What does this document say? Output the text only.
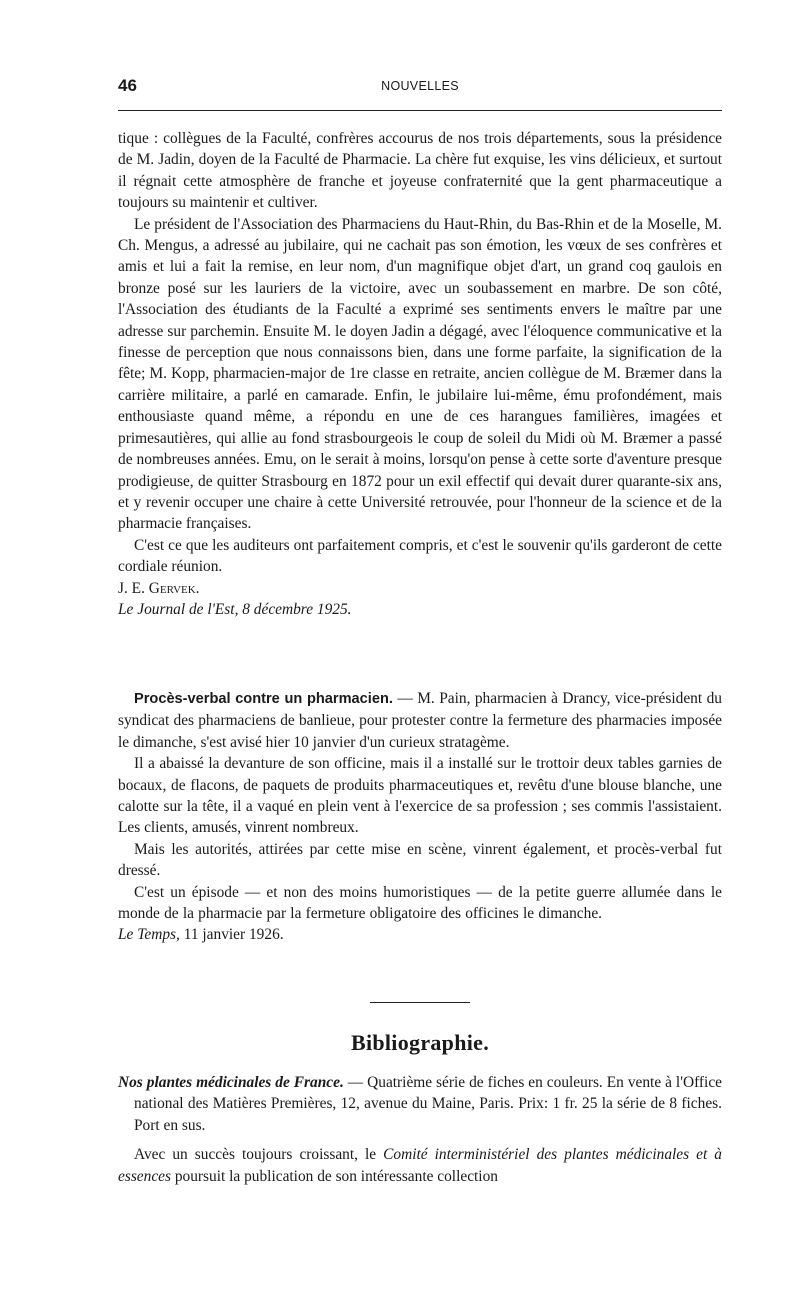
46	NOUVELLES

tique : collègues de la Faculté, confrères accourus de nos trois départements, sous la présidence de M. Jadin, doyen de la Faculté de Pharmacie. La chère fut exquise, les vins délicieux, et surtout il régnait cette atmosphère de franche et joyeuse confraternité que la gent pharmaceutique a toujours su maintenir et cultiver.

Le président de l'Association des Pharmaciens du Haut-Rhin, du Bas-Rhin et de la Moselle, M. Ch. Mengus, a adressé au jubilaire, qui ne cachait pas son émotion, les vœux de ses confrères et amis et lui a fait la remise, en leur nom, d'un magnifique objet d'art, un grand coq gaulois en bronze posé sur les lauriers de la victoire, avec un soubassement en marbre. De son côté, l'Association des étudiants de la Faculté a exprimé ses sentiments envers le maître par une adresse sur parchemin. Ensuite M. le doyen Jadin a dégagé, avec l'éloquence communicative et la finesse de perception que nous connaissons bien, dans une forme parfaite, la signification de la fête; M. Kopp, pharmacien-major de 1re classe en retraite, ancien collègue de M. Bræmer dans la carrière militaire, a parlé en camarade. Enfin, le jubilaire lui-même, ému profondément, mais enthousiaste quand même, a répondu en une de ces harangues familières, imagées et primesautières, qui allie au fond strasbourgeois le coup de soleil du Midi où M. Bræmer a passé de nombreuses années. Emu, on le serait à moins, lorsqu'on pense à cette sorte d'aventure presque prodigieuse, de quitter Strasbourg en 1872 pour un exil effectif qui devait durer quarante-six ans, et y revenir occuper une chaire à cette Université retrouvée, pour l'honneur de la science et de la pharmacie françaises.

C'est ce que les auditeurs ont parfaitement compris, et c'est le souvenir qu'ils garderont de cette cordiale réunion.

J. E. Gervek.

Le Journal de l'Est, 8 décembre 1925.

Procès-verbal contre un pharmacien. — M. Pain, pharmacien à Drancy, vice-président du syndicat des pharmaciens de banlieue, pour protester contre la fermeture des pharmacies imposée le dimanche, s'est avisé hier 10 janvier d'un curieux stratagème.

Il a abaissé la devanture de son officine, mais il a installé sur le trottoir deux tables garnies de bocaux, de flacons, de paquets de produits pharmaceutiques et, revêtu d'une blouse blanche, une calotte sur la tête, il a vaqué en plein vent à l'exercice de sa profession ; ses commis l'assistaient. Les clients, amusés, vinrent nombreux.

Mais les autorités, attirées par cette mise en scène, vinrent également, et procès-verbal fut dressé.

C'est un épisode — et non des moins humoristiques — de la petite guerre allumée dans le monde de la pharmacie par la fermeture obligatoire des officines le dimanche.Le Temps, 11 janvier 1926.

Bibliographie.

Nos plantes médicinales de France. — Quatrième série de fiches en couleurs. En vente à l'Office national des Matières Premières, 12, avenue du Maine, Paris. Prix: 1 fr. 25 la série de 8 fiches. Port en sus.

Avec un succès toujours croissant, le Comité interministériel des plantes médicinales et à essences poursuit la publication de son intéressante collection
